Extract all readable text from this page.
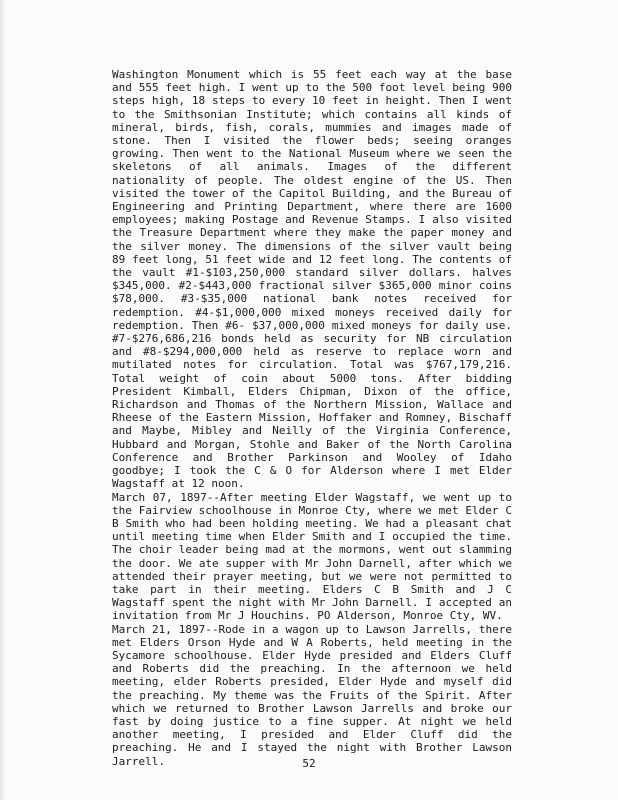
Washington Monument which is 55 feet each way at the base and 555 feet high. I went up to the 500 foot level being 900 steps high, 18 steps to every 10 feet in height. Then I went to the Smithsonian Institute; which contains all kinds of mineral, birds, fish, corals, mummies and images made of stone. Then I visited the flower beds; seeing oranges growing. Then went to the National Museum where we seen the skeletons of all animals. Images of the different nationality of people. The oldest engine of the US. Then visited the tower of the Capitol Building, and the Bureau of Engineering and Printing Department, where there are 1600 employees; making Postage and Revenue Stamps. I also visited the Treasure Department where they make the paper money and the silver money. The dimensions of the silver vault being 89 feet long, 51 feet wide and 12 feet long. The contents of the vault #1-$103,250,000 standard silver dollars. halves $345,000. #2-$443,000 fractional silver $365,000 minor coins $78,000. #3-$35,000 national bank notes received for redemption. #4-$1,000,000 mixed moneys received daily for redemption. Then #6- $37,000,000 mixed moneys for daily use. #7-$276,686,216 bonds held as security for NB circulation and #8-$294,000,000 held as reserve to replace worn and mutilated notes for circulation. Total was $767,179,216. Total weight of coin about 5000 tons. After bidding President Kimball, Elders Chipman, Dixon of the office, Richardson and Thomas of the Northern Mission, Wallace and Rheese of the Eastern Mission, Hoffaker and Romney, Bischaff and Maybe, Mibley and Neilly of the Virginia Conference, Hubbard and Morgan, Stohle and Baker of the North Carolina Conference and Brother Parkinson and Wooley of Idaho goodbye; I took the C & O for Alderson where I met Elder Wagstaff at 12 noon.

March 07, 1897--After meeting Elder Wagstaff, we went up to the Fairview schoolhouse in Monroe Cty, where we met Elder C B Smith who had been holding meeting. We had a pleasant chat until meeting time when Elder Smith and I occupied the time. The choir leader being mad at the mormons, went out slamming the door. We ate supper with Mr John Darnell, after which we attended their prayer meeting, but we were not permitted to take part in their meeting. Elders C B Smith and J C Wagstaff spent the night with Mr John Darnell. I accepted an invitation from Mr J Houchins. PO Alderson, Monroe Cty, WV.

March 21, 1897--Rode in a wagon up to Lawson Jarrells, there met Elders Orson Hyde and W A Roberts, held meeting in the Sycamore schoolhouse. Elder Hyde presided and Elders Cluff and Roberts did the preaching. In the afternoon we held meeting, elder Roberts presided, Elder Hyde and myself did the preaching. My theme was the Fruits of the Spirit. After which we returned to Brother Lawson Jarrells and broke our fast by doing justice to a fine supper. At night we held another meeting, I presided and Elder Cluff did the preaching. He and I stayed the night with Brother Lawson Jarrell.	52
